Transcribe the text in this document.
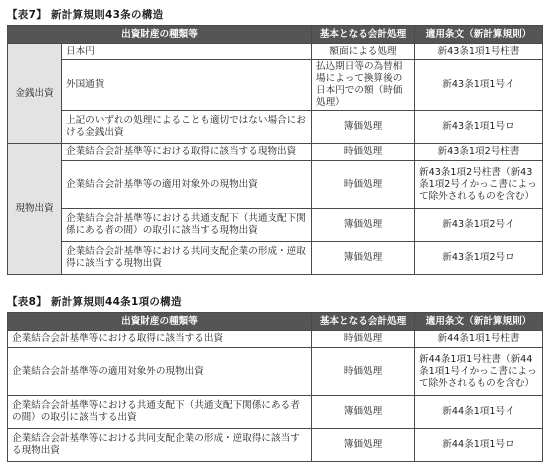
【表7】 新計算規則43条の構造
出資財産の種類等		基本となる会計処理	適用条文（新計算規則）
金銭出資	日本円	額面による処理	新43条1項1号柱書
	外国通貨	払込期日等の為替相場によって換算後の日本円での額（時価処理）	新43条1項1号イ
	上記のいずれの処理によることも適切ではない場合における金銭出資	簿価処理	新43条1項1号ロ
現物出資	企業結合会計基準等における取得に該当する現物出資	時価処理	新43条1項2号柱書
	企業結合会計基準等の適用対象外の現物出資	時価処理	新43条1項2号柱書（新43条1項2号イかっこ書によって除外されるものを含む）
	企業結合会計基準等における共通支配下（共通支配下関係にある者の間）の取引に該当する現物出資	簿価処理	新43条1項2号イ
	企業結合会計基準等における共同支配企業の形成・逆取得に該当する現物出資	簿価処理	新43条1項2号ロ
【表8】 新計算規則44条1項の構造
出資財産の種類等	基本となる会計処理	適用条文（新計算規則）
企業結合会計基準等における取得に該当する出資	時価処理	新44条1項1号柱書
企業結合会計基準等の適用対象外の現物出資	時価処理	新44条1項1号柱書（新44条1項1号イかっこ書によって除外されるものを含む）
企業結合会計基準等における共通支配下（共通支配下関係にある者の間）の取引に該当する出資	簿価処理	新44条1項1号イ
企業結合会計基準等における共同支配企業の形成・逆取得に該当する現物出資	簿価処理	新44条1項1号ロ
